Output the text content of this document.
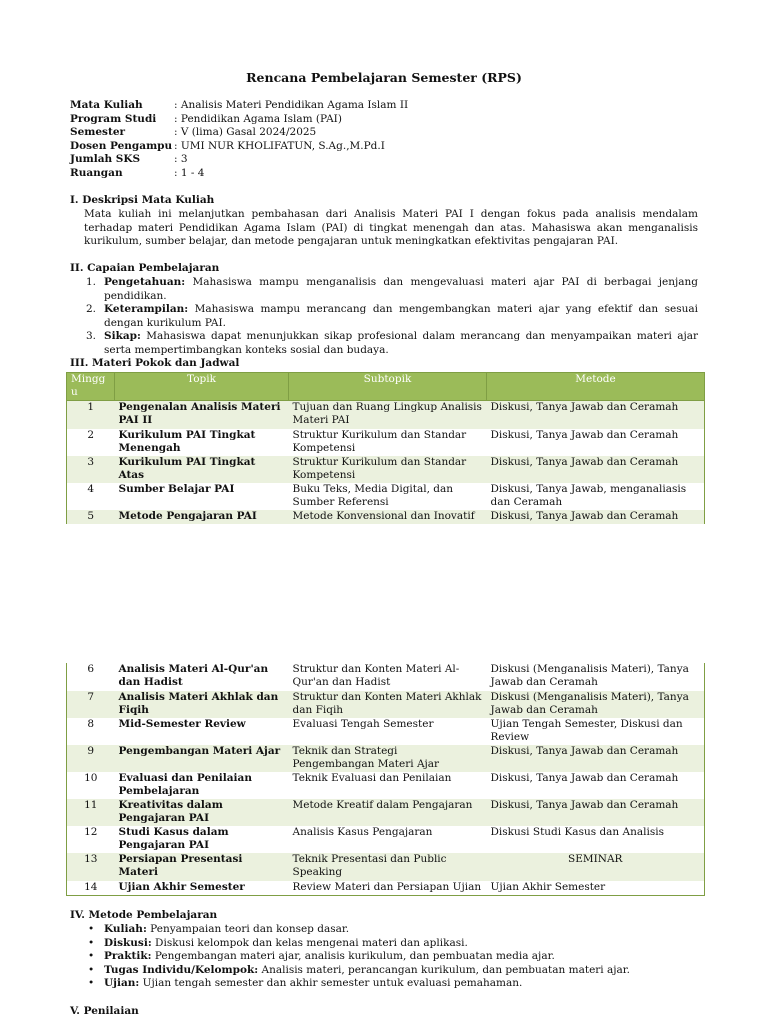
Rencana Pembelajaran Semester (RPS)
Mata Kuliah	: Analisis Materi Pendidikan Agama Islam II
Program Studi : Pendidikan Agama Islam (PAI)
Semester	: V (lima) Gasal 2024/2025
Dosen Pengampu : UMI NUR KHOLIFATUN, S.Ag.,M.Pd.I
Jumlah SKS	: 3
Ruangan	: 1 - 4
I. Deskripsi Mata Kuliah
Mata kuliah ini melanjutkan pembahasan dari Analisis Materi PAI I dengan fokus pada analisis mendalam terhadap materi Pendidikan Agama Islam (PAI) di tingkat menengah dan atas. Mahasiswa akan menganalisis kurikulum, sumber belajar, dan metode pengajaran untuk meningkatkan efektivitas pengajaran PAI.
II. Capaian Pembelajaran
1. Pengetahuan: Mahasiswa mampu menganalisis dan mengevaluasi materi ajar PAI di berbagai jenjang pendidikan.
2. Keterampilan: Mahasiswa mampu merancang dan mengembangkan materi ajar yang efektif dan sesuai dengan kurikulum PAI.
3. Sikap: Mahasiswa dapat menunjukkan sikap profesional dalam merancang dan menyampaikan materi ajar serta mempertimbangkan konteks sosial dan budaya.
III. Materi Pokok dan Jadwal
Mingg u	Topik	Subtopik	Metode
1	Pengenalan Analisis Materi PAI II	Tujuan dan Ruang Lingkup Analisis Materi PAI	Diskusi, Tanya Jawab dan Ceramah
2	Kurikulum PAI Tingkat Menengah	Struktur Kurikulum dan Standar Kompetensi	Diskusi, Tanya Jawab dan Ceramah
3	Kurikulum PAI Tingkat Atas	Struktur Kurikulum dan Standar Kompetensi	Diskusi, Tanya Jawab dan Ceramah
4	Sumber Belajar PAI	Buku Teks, Media Digital, dan Sumber Referensi	Diskusi, Tanya Jawab, menganaliasis dan Ceramah
5	Metode Pengajaran PAI	Metode Konvensional dan Inovatif	Diskusi, Tanya Jawab dan Ceramah
6	Analisis Materi Al-Qur'an dan Hadist	Struktur dan Konten Materi Al-Qur'an dan Hadist	Diskusi (Menganalisis Materi), Tanya Jawab dan Ceramah
7	Analisis Materi Akhlak dan Fiqih	Struktur dan Konten Materi Akhlak dan Fiqih	Diskusi (Menganalisis Materi), Tanya Jawab dan Ceramah
8	Mid-Semester Review	Evaluasi Tengah Semester	Ujian Tengah Semester, Diskusi dan Review
9	Pengembangan Materi Ajar	Teknik dan Strategi Pengembangan Materi Ajar	Diskusi, Tanya Jawab dan Ceramah
10	Evaluasi dan Penilaian Pembelajaran	Teknik Evaluasi dan Penilaian	Diskusi, Tanya Jawab dan Ceramah
11	Kreativitas dalam Pengajaran PAI	Metode Kreatif dalam Pengajaran	Diskusi, Tanya Jawab dan Ceramah
12	Studi Kasus dalam Pengajaran PAI	Analisis Kasus Pengajaran	Diskusi Studi Kasus dan Analisis
13	Persiapan Presentasi Materi	Teknik Presentasi dan Public Speaking	SEMINAR
14	Ujian Akhir Semester	Review Materi dan Persiapan Ujian	Ujian Akhir Semester
IV. Metode Pembelajaran
• Kuliah: Penyampaian teori dan konsep dasar.
• Diskusi: Diskusi kelompok dan kelas mengenai materi dan aplikasi.
• Praktik: Pengembangan materi ajar, analisis kurikulum, dan pembuatan media ajar.
• Tugas Individu/Kelompok: Analisis materi, perancangan kurikulum, dan pembuatan materi ajar.
• Ujian: Ujian tengah semester dan akhir semester untuk evaluasi pemahaman.
V. Penilaian
